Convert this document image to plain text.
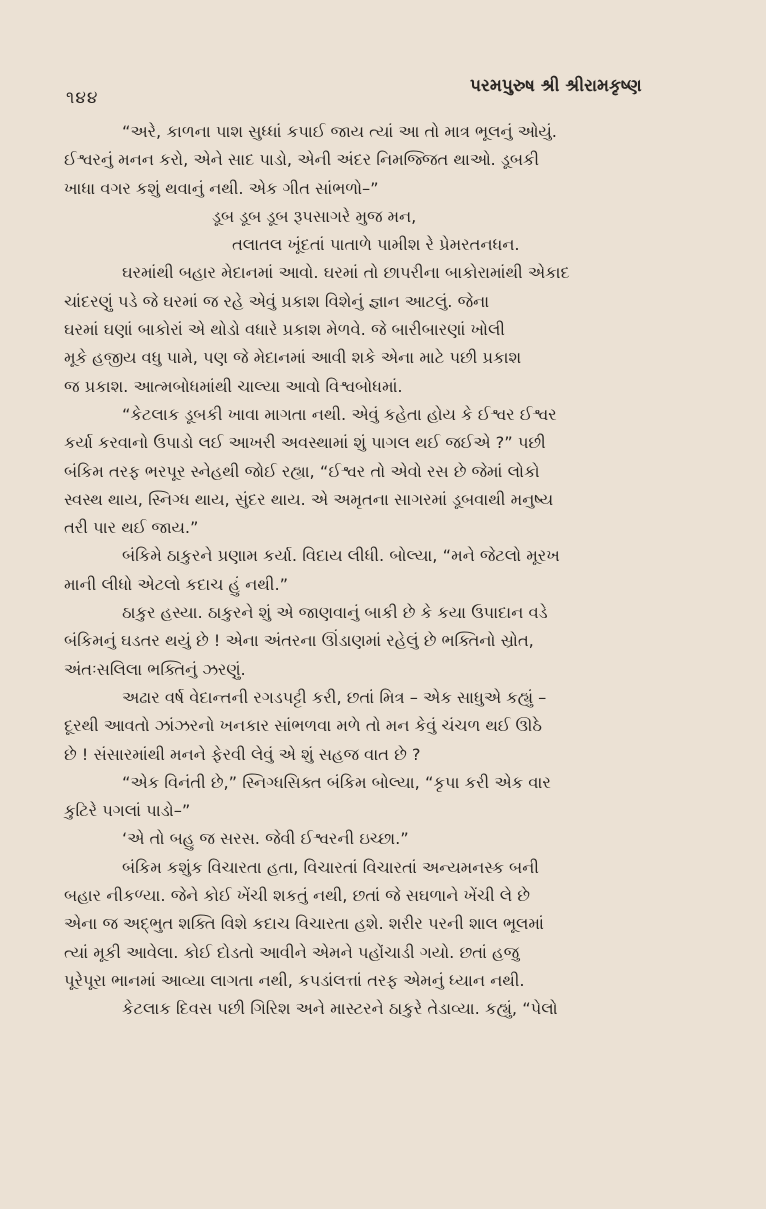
૧૪૪
પરમપુરુષ શ્રી શ્રીરામકૃષ્ણ
“અરે, કાળના પાશ સુધ્ધાં કપાઈ જાય ત્યાં આ તો માત્ર ભૂલનું ઓયું.
ઈશ્વરનું મનન કરો, એને સાદ પાડો, એની અંદર નિમજ્જિત થાઓ. ડૂબકી
ખાધા વગર કશું થવાનું નથી. એક ગીત સાંભળો–”
ડૂબ ડૂબ ડૂબ રૂપસાગરે મુજ મન,
તલાતલ ખૂંદતાં પાતાળે પામીશ રે પ્રેમરતનધન.
ઘરમાંથી બહાર મેદાનમાં આવો. ઘરમાં તો છાપરીના બાકોરામાંથી એકાદ
ચાંદરણું પડે જે ઘરમાં જ રહે એવું પ્રકાશ વિશેનું જ્ઞાન આટલું. જેના
ઘરમાં ઘણાં બાકોરાં એ થોડો વધારે પ્રકાશ મેળવે. જે બારીબારણાં ખોલી
મૂકે હજીય વધુ પામે, પણ જે મેદાનમાં આવી શકે એના માટે પછી પ્રકાશ
જ પ્રકાશ. આત્મબોધમાંથી ચાલ્યા આવો વિશ્વબોધમાં.
“કેટલાક ડૂબકી ખાવા માગતા નથી. એવું કહેતા હોય કે ઈશ્વર ઈશ્વર
કર્યા કરવાનો ઉપાડો લઈ આખરી અવસ્થામાં શું પાગલ થઈ જઈએ ?” પછી
બંકિમ તરફ ભરપૂર સ્નેહથી જોઈ રહ્યા, “ઈશ્વર તો એવો રસ છે જેમાં લોકો
સ્વસ્થ થાય, સ્નિગ્ધ થાય, સુંદર થાય. એ અમૃતના સાગરમાં ડૂબવાથી મનુષ્ય
તરી પાર થઈ જાય.”
બંકિમે ઠાકુરને પ્રણામ કર્યા. વિદાય લીધી. બોલ્યા, “મને જેટલો મૂરખ
માની લીધો એટલો કદાચ હું નથી.”
ઠાકુર હસ્યા. ઠાકુરને શું એ જાણવાનું બાકી છે કે કયા ઉપાદાન વડે
બંકિમનું ઘડતર થયું છે ! એના અંતરના ઊંડાણમાં રહેલું છે ભક્તિનો સ્રોત,
અંતઃસલિલા ભક્તિનું ઝરણું.
અઢાર વર્ષ વેદાન્તની રગડપટ્ટી કરી, છતાં મિત્ર – એક સાધુએ કહ્યું –
દૂરથી આવતો ઝાંઝરનો ખનકાર સાંભળવા મળે તો મન કેવું ચંચળ થઈ ઊઠે
છે ! સંસારમાંથી મનને ફેરવી લેવું એ શું સહજ વાત છે ?
“એક વિનંતી છે,” સ્નિગ્ધસિક્ત બંકિમ બોલ્યા, “કૃપા કરી એક વાર
કુટિરે પગલાં પાડો–”
‘એ તો બહુ જ સરસ. જેવી ઈશ્વરની ઇચ્છા.”
બંકિમ કશુંક વિચારતા હતા, વિચારતાં વિચારતાં અન્યમનસ્ક બની
બહાર નીકળ્યા. જેને કોઈ ખેંચી શકતું નથી, છતાં જે સઘળાને ખેંચી લે છે
એના જ અદ્ભુત શક્તિ વિશે કદાચ વિચારતા હશે. શરીર પરની શાલ ભૂલમાં
ત્યાં મૂકી આવેલા. કોઈ દોડતો આવીને એમને પહોંચાડી ગયો. છતાં હજુ
પૂરેપૂરા ભાનમાં આવ્યા લાગતા નથી, કપડાંલત્તાં તરફ એમનું ધ્યાન નથી.
કેટલાક દિવસ પછી ગિરિશ અને માસ્ટરને ઠાકુરે તેડાવ્યા. કહ્યું, “પેલો
